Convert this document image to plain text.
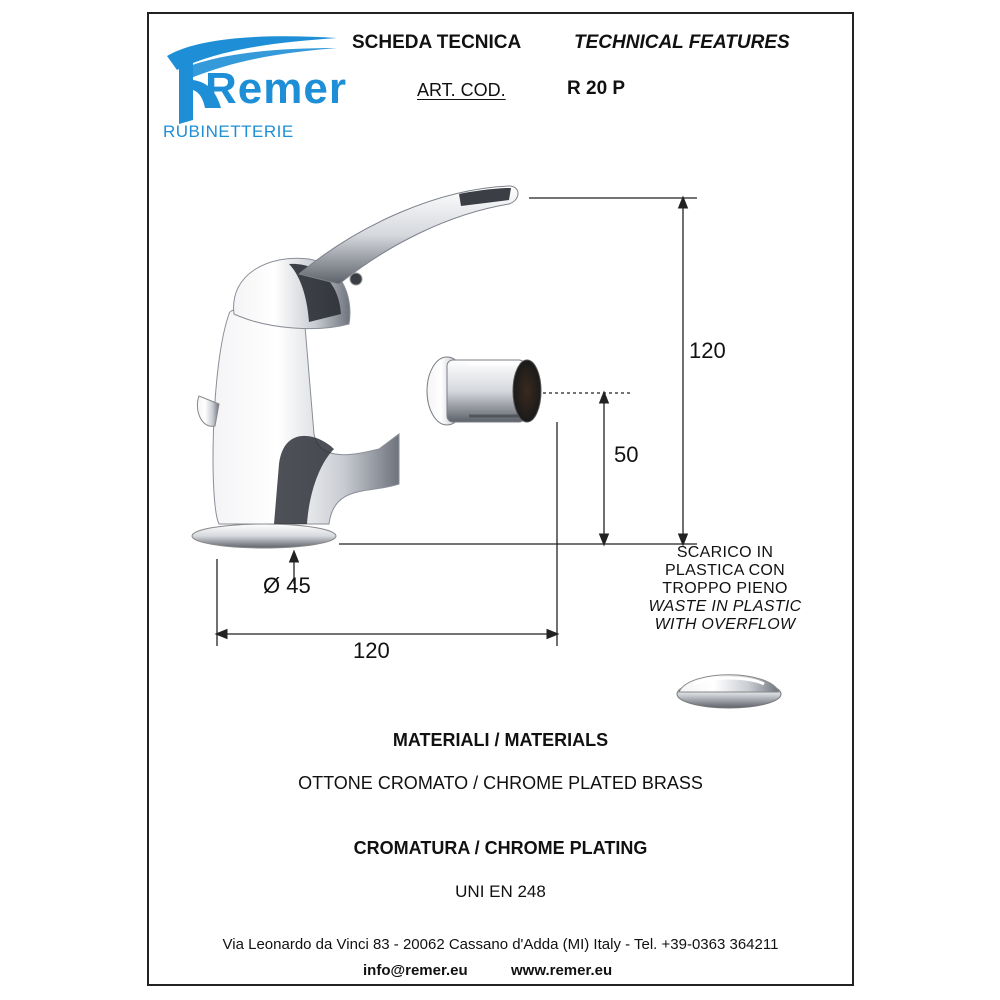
Remer
RUBINETTERIE
SCHEDA TECNICA	TECHNICAL FEATURES
ART. COD.	R 20 P
120
50
Ø 45
120
SCARICO IN
PLASTICA CON
TROPPO PIENO
WASTE IN PLASTIC
WITH OVERFLOW
MATERIALI / MATERIALS
OTTONE CROMATO / CHROME PLATED BRASS
CROMATURA / CHROME PLATING
UNI EN 248
Via Leonardo da Vinci 83 - 20062 Cassano d'Adda (MI) Italy - Tel. +39-0363 364211
info@remer.eu	www.remer.eu
